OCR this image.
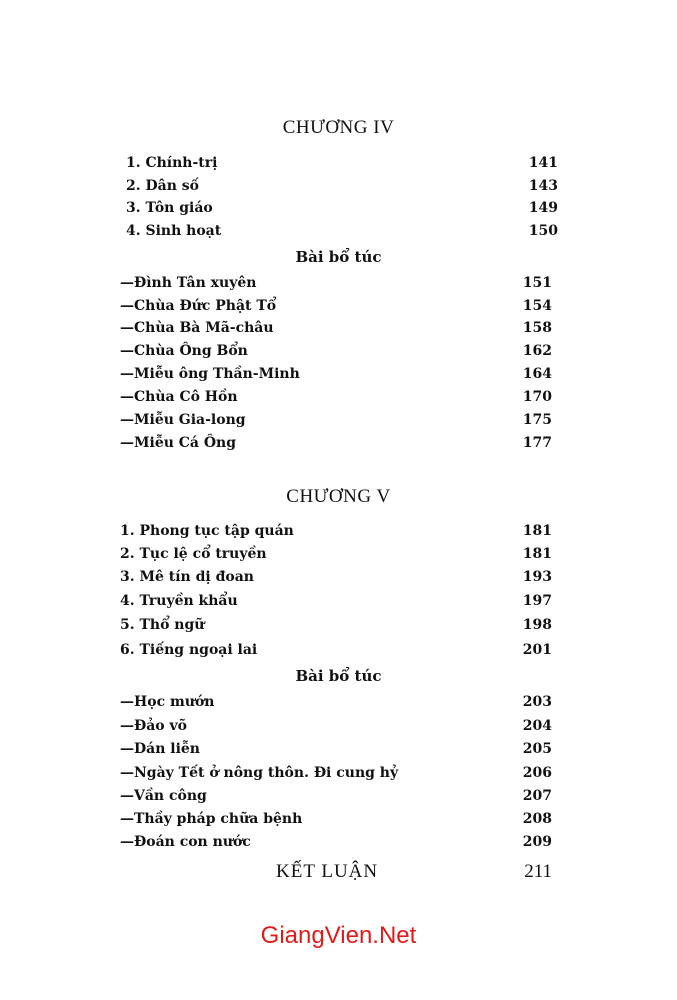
CHƯƠNG IV
1. Chính-trị	141
2. Dân số	143
3. Tôn giáo	149
4. Sinh hoạt	150
Bài bổ túc
—Đình Tân xuyên	151
—Chùa Đức Phật Tổ	154
—Chùa Bà Mã-châu	158
—Chùa Ông Bổn	162
—Miễu ông Thần-Minh	164
—Chùa Cô Hồn	170
—Miễu Gia-long	175
—Miễu Cá Ông	177
CHƯƠNG V
1. Phong tục tập quán	181
2. Tục lệ cổ truyền	181
3. Mê tín dị đoan	193
4. Truyền khẩu	197
5. Thổ ngữ	198
6. Tiếng ngoại lai	201
Bài bổ túc
—Học mướn	203
—Đảo võ	204
—Dán liễn	205
—Ngày Tết ở nông thôn. Đi cung hỷ	206
—Vần công	207
—Thầy pháp chữa bệnh	208
—Đoán con nước	209
KẾT LUẬN	211
GiangVien.Net
